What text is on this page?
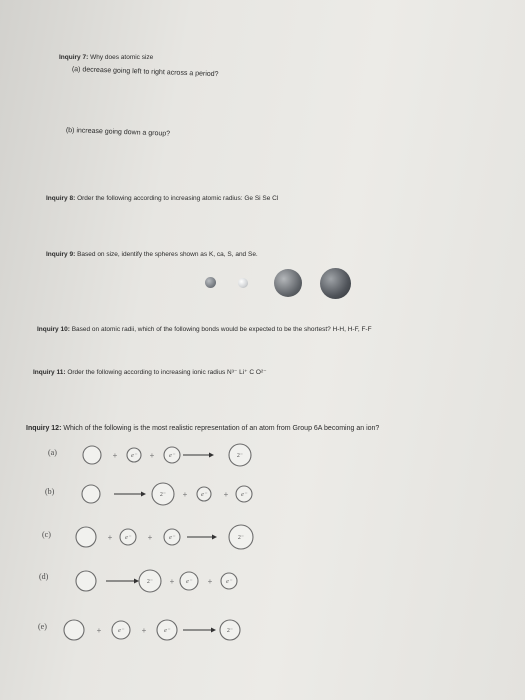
Inquiry 7: Why does atomic size
(a) decrease going left to right across a period?
(b) increase going down a group?
Inquiry 8: Order the following according to increasing atomic radius: Ge Si Se Cl
Inquiry 9: Based on size, identify the spheres shown as K, ca, S, and Se.
Inquiry 10: Based on atomic radii, which of the following bonds would be expected to be the shortest? H-H, H-F, F-F
Inquiry 11: Order the following according to increasing ionic radius N³⁻ Li⁺ C O²⁻
Inquiry 12: Which of the following is the most realistic representation of an atom from Group 6A becoming an ion?
(a)
(b)
(c)
(d)
(e)
+ e⁻ + e⁻	2⁻
2⁻ + e⁻ + e⁻
+ e⁻ +	e⁻	2⁻
2⁻ + e⁻ + e⁻
+	e⁻ +	e⁻	2⁻
